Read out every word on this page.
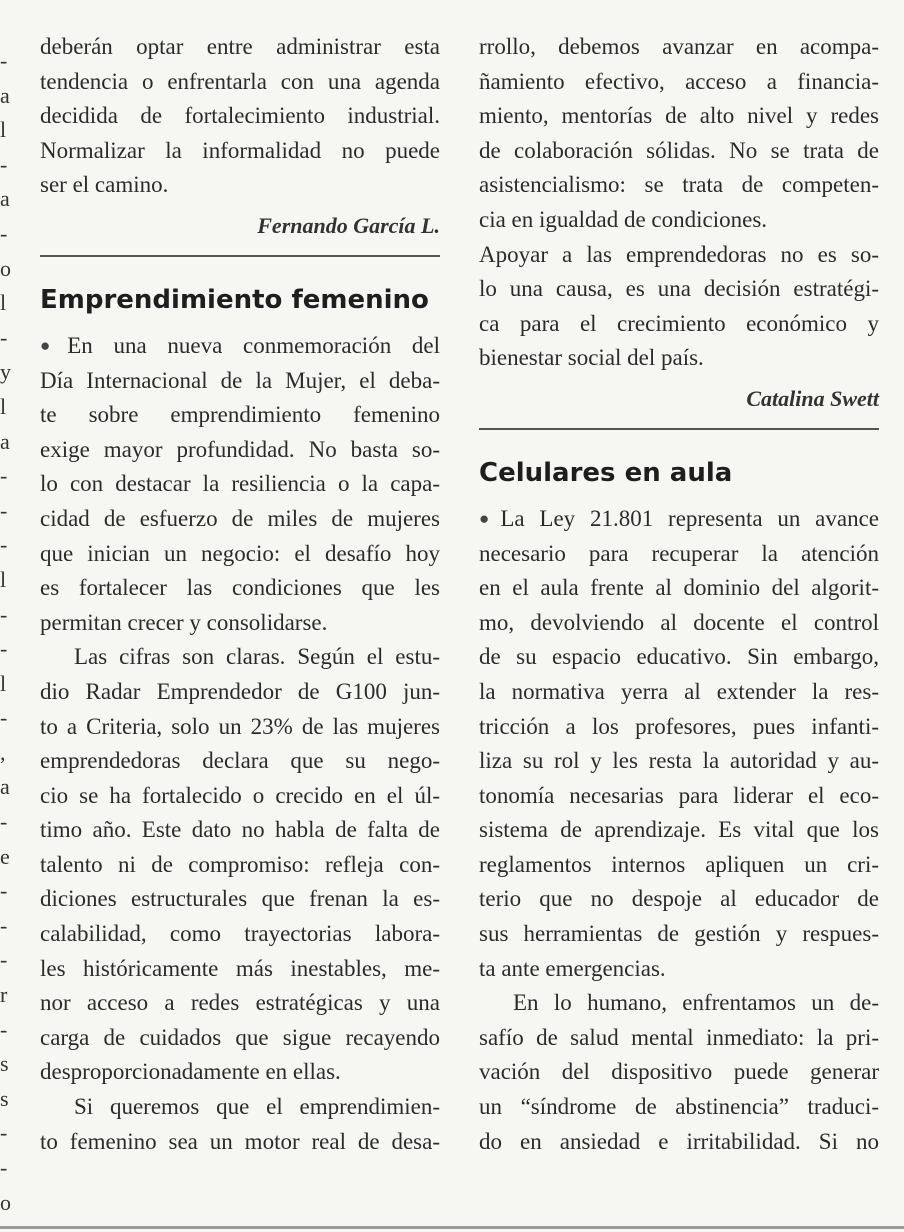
-
a
l
-
a
-
o
l
-
y
l
a
-
-
-
l
-
-
l
-
,
a
-
e
-
-
-
r
-
s
s
-
-
o
deberán optar entre administrar esta
tendencia o enfrentarla con una agenda
decidida de fortalecimiento industrial.
Normalizar la informalidad no puede
ser el camino.
Fernando García L.
Emprendimiento femenino
●En una nueva conmemoración del
Día Internacional de la Mujer, el deba-
te sobre emprendimiento femenino
exige mayor profundidad. No basta so-
lo con destacar la resiliencia o la capa-
cidad de esfuerzo de miles de mujeres
que inician un negocio: el desafío hoy
es fortalecer las condiciones que les
permitan crecer y consolidarse.
Las cifras son claras. Según el estu-
dio Radar Emprendedor de G100 jun-
to a Criteria, solo un 23% de las mujeres
emprendedoras declara que su nego-
cio se ha fortalecido o crecido en el úl-
timo año. Este dato no habla de falta de
talento ni de compromiso: refleja con-
diciones estructurales que frenan la es-
calabilidad, como trayectorias labora-
les históricamente más inestables, me-
nor acceso a redes estratégicas y una
carga de cuidados que sigue recayendo
desproporcionadamente en ellas.
Si queremos que el emprendimien-
to femenino sea un motor real de desa-
rrollo, debemos avanzar en acompa-
ñamiento efectivo, acceso a financia-
miento, mentorías de alto nivel y redes
de colaboración sólidas. No se trata de
asistencialismo: se trata de competen-
cia en igualdad de condiciones.
Apoyar a las emprendedoras no es so-
lo una causa, es una decisión estratégi-
ca para el crecimiento económico y
bienestar social del país.
Catalina Swett
Celulares en aula
●La Ley 21.801 representa un avance
necesario para recuperar la atención
en el aula frente al dominio del algorit-
mo, devolviendo al docente el control
de su espacio educativo. Sin embargo,
la normativa yerra al extender la res-
tricción a los profesores, pues infanti-
liza su rol y les resta la autoridad y au-
tonomía necesarias para liderar el eco-
sistema de aprendizaje. Es vital que los
reglamentos internos apliquen un cri-
terio que no despoje al educador de
sus herramientas de gestión y respues-
ta ante emergencias.
En lo humano, enfrentamos un de-
safío de salud mental inmediato: la pri-
vación del dispositivo puede generar
un “síndrome de abstinencia” traduci-
do en ansiedad e irritabilidad. Si no
